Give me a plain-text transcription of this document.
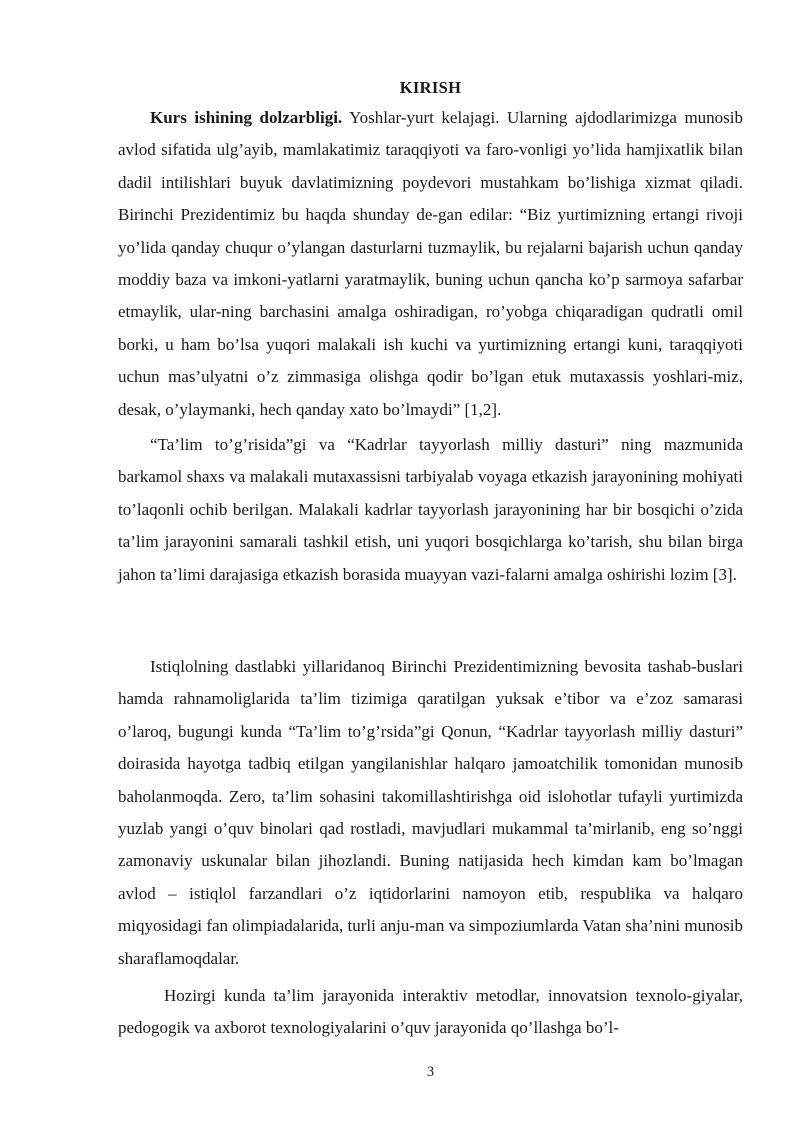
KIRISH

Kurs ishining dolzarbligi. Yoshlar-yurt kelajagi. Ularning ajdodlarimizga munosib avlod sifatida ulg’ayib, mamlakatimiz taraqqiyoti va faro-vonligi yo’lida hamjixatlik bilan dadil intilishlari buyuk davlatimizning poydevori mustahkam bo’lishiga xizmat qiladi. Birinchi Prezidentimiz bu haqda shunday de-gan edilar: “Biz yurtimizning ertangi rivoji yo’lida qanday chuqur o’ylangan dasturlarni tuzmaylik, bu rejalarni bajarish uchun qanday moddiy baza va imkoni-yatlarni yaratmaylik, buning uchun qancha ko’p sarmoya safarbar etmaylik, ular-ning barchasini amalga oshiradigan, ro’yobga chiqaradigan qudratli omil borki, u ham bo’lsa yuqori malakali ish kuchi va yurtimizning ertangi kuni, taraqqiyoti uchun mas’ulyatni o’z zimmasiga olishga qodir bo’lgan etuk mutaxassis yoshlari-miz, desak, o’ylaymanki, hech qanday xato bo’lmaydi” [1,2].

“Ta’lim to’g’risida”gi va “Kadrlar tayyorlash milliy dasturi” ning mazmunida barkamol shaxs va malakali mutaxassisni tarbiyalab voyaga etkazish jarayonining mohiyati to’laqonli ochib berilgan. Malakali kadrlar tayyorlash jarayonining har bir bosqichi o’zida ta’lim jarayonini samarali tashkil etish, uni yuqori bosqichlarga ko’tarish, shu bilan birga jahon ta’limi darajasiga etkazish borasida muayyan vazi-falarni amalga oshirishi lozim [3].

Istiqlolning dastlabki yillaridanoq Birinchi Prezidentimizning bevosita tashab-buslari hamda rahnamoliglarida ta’lim tizimiga qaratilgan yuksak e’tibor va e’zoz samarasi o’laroq, bugungi kunda “Ta’lim to’g’rsida”gi Qonun, “Kadrlar tayyorlash milliy dasturi” doirasida hayotga tadbiq etilgan yangilanishlar halqaro jamoatchilik tomonidan munosib baholanmoqda. Zero, ta’lim sohasini takomillashtirishga oid islohotlar tufayli yurtimizda yuzlab yangi o’quv binolari qad rostladi, mavjudlari mukammal ta’mirlanib, eng so’nggi zamonaviy uskunalar bilan jihozlandi. Buning natijasida hech kimdan kam bo’lmagan avlod – istiqlol farzandlari o’z iqtidorlarini namoyon etib, respublika va halqaro miqyosidagi fan olimpiadalarida, turli anju-man va simpoziumlarda Vatan sha’nini munosib sharaflamoqdalar.

Hozirgi kunda ta’lim jarayonida interaktiv metodlar, innovatsion texnolo-giyalar, pedogogik va axborot texnologiyalarini o’quv jarayonida qo’llashga bo’l-

3
